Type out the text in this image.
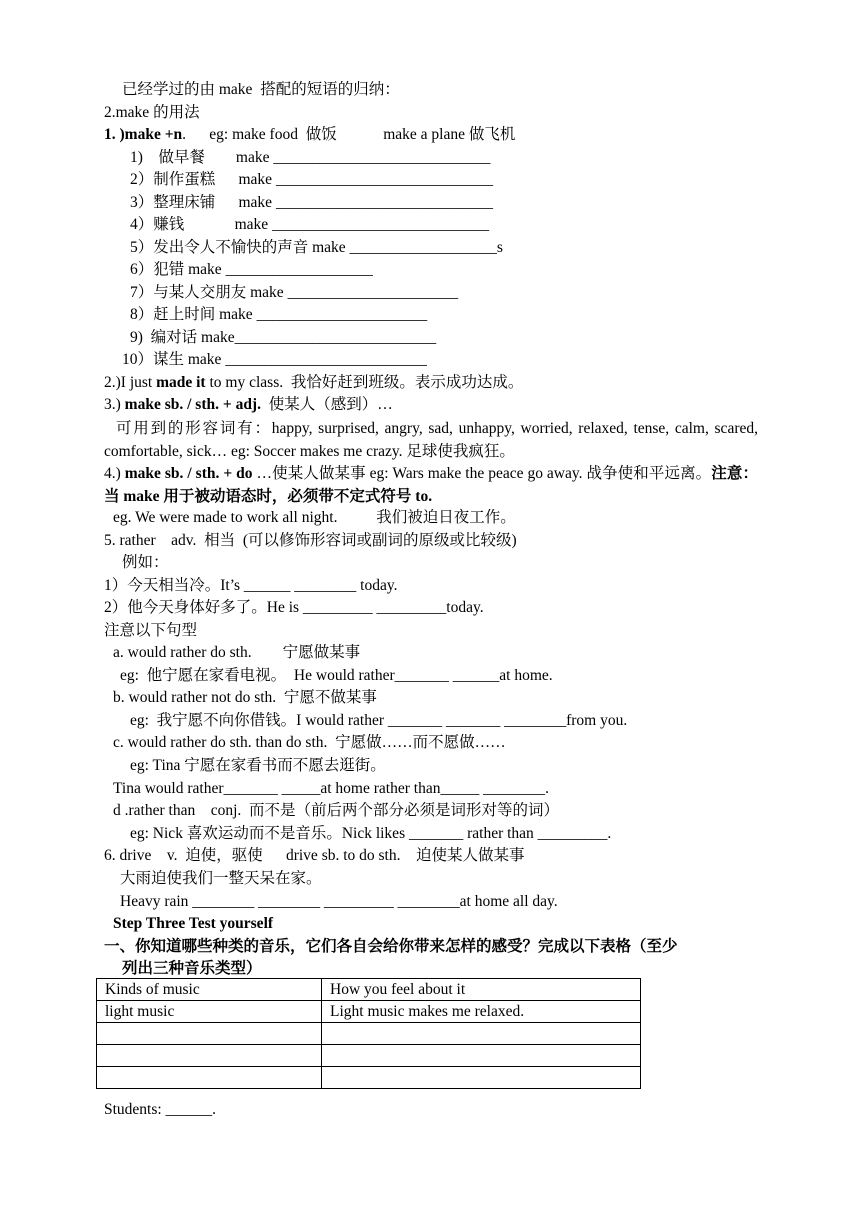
已经学过的由 make  搭配的短语的归纳：
2.make 的用法
1. )make +n.      eg: make food  做饭            make a plane 做飞机
1)    做早餐        make ____________________________
2）制作蛋糕      make ____________________________
3）整理床铺      make ____________________________
4）赚钱             make ____________________________
5）发出令人不愉快的声音 make ___________________s
6）犯错 make ___________________
7）与某人交朋友 make ______________________
8）赶上时间 make ______________________
9)  编对话 make__________________________
10）谋生 make __________________________
2.)I just made it to my class.  我恰好赶到班级。表示成功达成。
3.) make sb. / sth. + adj.  使某人（感到）…
可用到的形容词有：happy, surprised, angry, sad, unhappy, worried, relaxed, tense, calm, scared, comfortable, sick… eg: Soccer makes me crazy. 足球使我疯狂。
4.) make sb. / sth. + do …使某人做某事 eg: Wars make the peace go away. 战争使和平远离。注意：当 make 用于被动语态时，必须带不定式符号 to.
eg. We were made to work all night.          我们被迫日夜工作。
5. rather    adv.  相当  (可以修饰形容词或副词的原级或比较级)
例如：
1）今天相当冷。It’s ______ ________ today.
2）他今天身体好多了。He is _________ _________today.
注意以下句型
a. would rather do sth.        宁愿做某事
eg:  他宁愿在家看电视。  He would rather_______ ______at home.
b. would rather not do sth.  宁愿不做某事
eg:  我宁愿不向你借钱。I would rather _______ _______ ________from you.
c. would rather do sth. than do sth.  宁愿做……而不愿做……
eg: Tina 宁愿在家看书而不愿去逛街。
Tina would rather_______ _____at home rather than_____ ________.
d .rather than    conj.  而不是（前后两个部分必须是词形对等的词）
eg: Nick 喜欢运动而不是音乐。Nick likes _______ rather than _________.
6. drive    v.  迫使，驱使      drive sb. to do sth.    迫使某人做某事
大雨迫使我们一整天呆在家。
Heavy rain ________ ________ _________ ________at home all day.
Step Three Test yourself
一、你知道哪些种类的音乐，它们各自会给你带来怎样的感受？完成以下表格（至少
列出三种音乐类型）
Kinds of music	How you feel about it
light music	Light music makes me relaxed.

Students: ______.
